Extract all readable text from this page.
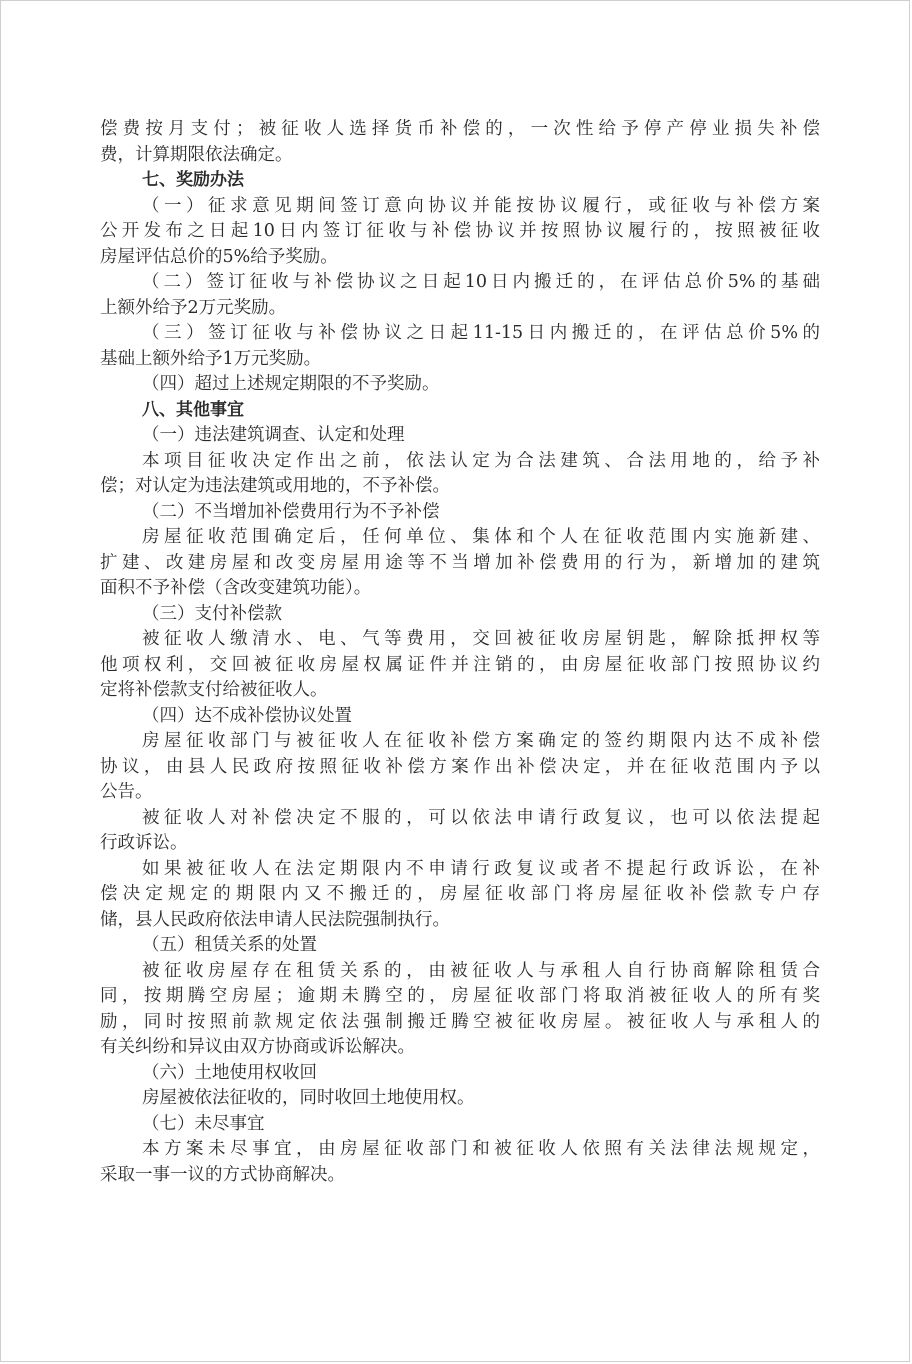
偿费按月支付；被征收人选择货币补偿的，一次性给予停产停业损失补偿
费，计算期限依法确定。
七、奖励办法
（一）征求意见期间签订意向协议并能按协议履行，或征收与补偿方案
公开发布之日起10日内签订征收与补偿协议并按照协议履行的，按照被征收
房屋评估总价的5%给予奖励。
（二）签订征收与补偿协议之日起10日内搬迁的，在评估总价5%的基础
上额外给予2万元奖励。
（三）签订征收与补偿协议之日起11-15日内搬迁的，在评估总价5%的
基础上额外给予1万元奖励。
（四）超过上述规定期限的不予奖励。
八、其他事宜
（一）违法建筑调查、认定和处理
本项目征收决定作出之前，依法认定为合法建筑、合法用地的，给予补
偿；对认定为违法建筑或用地的，不予补偿。
（二）不当增加补偿费用行为不予补偿
房屋征收范围确定后，任何单位、集体和个人在征收范围内实施新建、
扩建、改建房屋和改变房屋用途等不当增加补偿费用的行为，新增加的建筑
面积不予补偿（含改变建筑功能）。
（三）支付补偿款
被征收人缴清水、电、气等费用，交回被征收房屋钥匙，解除抵押权等
他项权利，交回被征收房屋权属证件并注销的，由房屋征收部门按照协议约
定将补偿款支付给被征收人。
（四）达不成补偿协议处置
房屋征收部门与被征收人在征收补偿方案确定的签约期限内达不成补偿
协议，由县人民政府按照征收补偿方案作出补偿决定，并在征收范围内予以
公告。
被征收人对补偿决定不服的，可以依法申请行政复议，也可以依法提起
行政诉讼。
如果被征收人在法定期限内不申请行政复议或者不提起行政诉讼，在补
偿决定规定的期限内又不搬迁的，房屋征收部门将房屋征收补偿款专户存
储，县人民政府依法申请人民法院强制执行。
（五）租赁关系的处置
被征收房屋存在租赁关系的，由被征收人与承租人自行协商解除租赁合
同，按期腾空房屋；逾期未腾空的，房屋征收部门将取消被征收人的所有奖
励，同时按照前款规定依法强制搬迁腾空被征收房屋。被征收人与承租人的
有关纠纷和异议由双方协商或诉讼解决。
（六）土地使用权收回
房屋被依法征收的，同时收回土地使用权。
（七）未尽事宜
本方案未尽事宜，由房屋征收部门和被征收人依照有关法律法规规定，
采取一事一议的方式协商解决。
